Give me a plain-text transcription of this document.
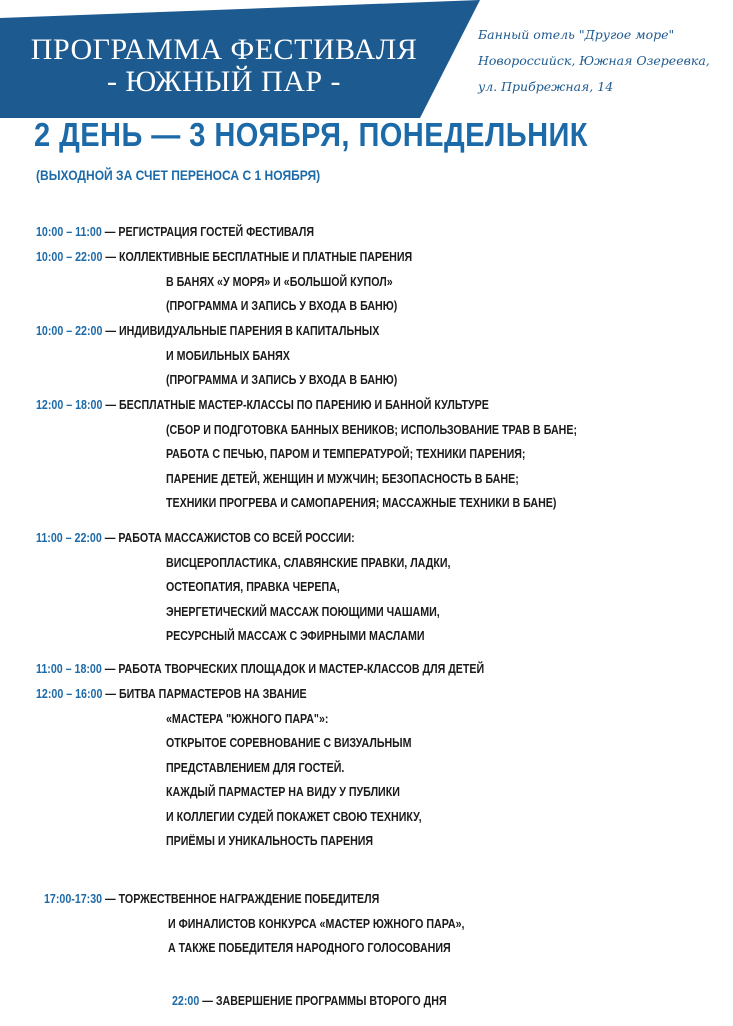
ПРОГРАММА ФЕСТИВАЛЯ
- ЮЖНЫЙ ПАР -
Банный отель "Другое море"
Новороссийск, Южная Озереевка,
ул. Прибрежная, 14
2 ДЕНЬ — 3 НОЯБРЯ, ПОНЕДЕЛЬНИК
(ВЫХОДНОЙ ЗА СЧЕТ ПЕРЕНОСА С 1 НОЯБРЯ)
10:00 – 11:00 — РЕГИСТРАЦИЯ ГОСТЕЙ ФЕСТИВАЛЯ
10:00 – 22:00 — КОЛЛЕКТИВНЫЕ БЕСПЛАТНЫЕ И ПЛАТНЫЕ ПАРЕНИЯ
В БАНЯХ «У МОРЯ» И «БОЛЬШОЙ КУПОЛ»
(ПРОГРАММА И ЗАПИСЬ У ВХОДА В БАНЮ)
10:00 – 22:00 — ИНДИВИДУАЛЬНЫЕ ПАРЕНИЯ В КАПИТАЛЬНЫХ
И МОБИЛЬНЫХ БАНЯХ
(ПРОГРАММА И ЗАПИСЬ У ВХОДА В БАНЮ)
12:00 – 18:00 — БЕСПЛАТНЫЕ МАСТЕР-КЛАССЫ ПО ПАРЕНИЮ И БАННОЙ КУЛЬТУРЕ
(СБОР И ПОДГОТОВКА БАННЫХ ВЕНИКОВ; ИСПОЛЬЗОВАНИЕ ТРАВ В БАНЕ;
РАБОТА С ПЕЧЬЮ, ПАРОМ И ТЕМПЕРАТУРОЙ; ТЕХНИКИ ПАРЕНИЯ;
ПАРЕНИЕ ДЕТЕЙ, ЖЕНЩИН И МУЖЧИН; БЕЗОПАСНОСТЬ В БАНЕ;
ТЕХНИКИ ПРОГРЕВА И САМОПАРЕНИЯ; МАССАЖНЫЕ ТЕХНИКИ В БАНЕ)
11:00 – 22:00 — РАБОТА МАССАЖИСТОВ СО ВСЕЙ РОССИИ:
ВИСЦЕРОПЛАСТИКА, СЛАВЯНСКИЕ ПРАВКИ, ЛАДКИ,
ОСТЕОПАТИЯ, ПРАВКА ЧЕРЕПА,
ЭНЕРГЕТИЧЕСКИЙ МАССАЖ ПОЮЩИМИ ЧАШАМИ,
РЕСУРСНЫЙ МАССАЖ С ЭФИРНЫМИ МАСЛАМИ
11:00 – 18:00 — РАБОТА ТВОРЧЕСКИХ ПЛОЩАДОК И МАСТЕР-КЛАССОВ ДЛЯ ДЕТЕЙ
12:00 – 16:00 — БИТВА ПАРМАСТЕРОВ НА ЗВАНИЕ
«МАСТЕРА "ЮЖНОГО ПАРА"»:
ОТКРЫТОЕ СОРЕВНОВАНИЕ С ВИЗУАЛЬНЫМ
ПРЕДСТАВЛЕНИЕМ ДЛЯ ГОСТЕЙ.
КАЖДЫЙ ПАРМАСТЕР НА ВИДУ У ПУБЛИКИ
И КОЛЛЕГИИ СУДЕЙ ПОКАЖЕТ СВОЮ ТЕХНИКУ,
ПРИЁМЫ И УНИКАЛЬНОСТЬ ПАРЕНИЯ
17:00-17:30 — ТОРЖЕСТВЕННОЕ НАГРАЖДЕНИЕ ПОБЕДИТЕЛЯ
И ФИНАЛИСТОВ КОНКУРСА «МАСТЕР ЮЖНОГО ПАРА»,
А ТАКЖЕ ПОБЕДИТЕЛЯ НАРОДНОГО ГОЛОСОВАНИЯ
22:00 — ЗАВЕРШЕНИЕ ПРОГРАММЫ ВТОРОГО ДНЯ
